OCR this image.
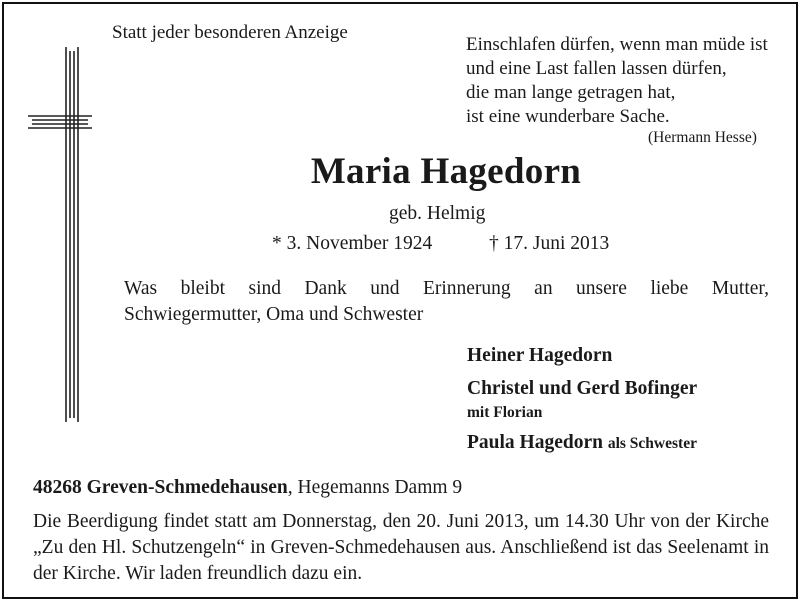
Statt jeder besonderen Anzeige
Einschlafen dürfen, wenn man müde ist
und eine Last fallen lassen dürfen,
die man lange getragen hat,
ist eine wunderbare Sache.
(Hermann Hesse)
Maria Hagedorn
geb. Helmig
* 3. November 1924	† 17. Juni 2013
Was bleibt sind Dank und Erinnerung an unsere liebe Mutter,
Schwiegermutter, Oma und Schwester
Heiner Hagedorn
Christel und Gerd Bofinger
mit Florian
Paula Hagedorn als Schwester
48268 Greven-Schmedehausen, Hegemanns Damm 9
Die Beerdigung findet statt am Donnerstag, den 20. Juni 2013, um 14.30 Uhr von der Kirche „Zu den Hl. Schutzengeln“ in Greven-Schmedehausen aus. Anschließend ist das Seelenamt in der Kirche. Wir laden freundlich dazu ein.
